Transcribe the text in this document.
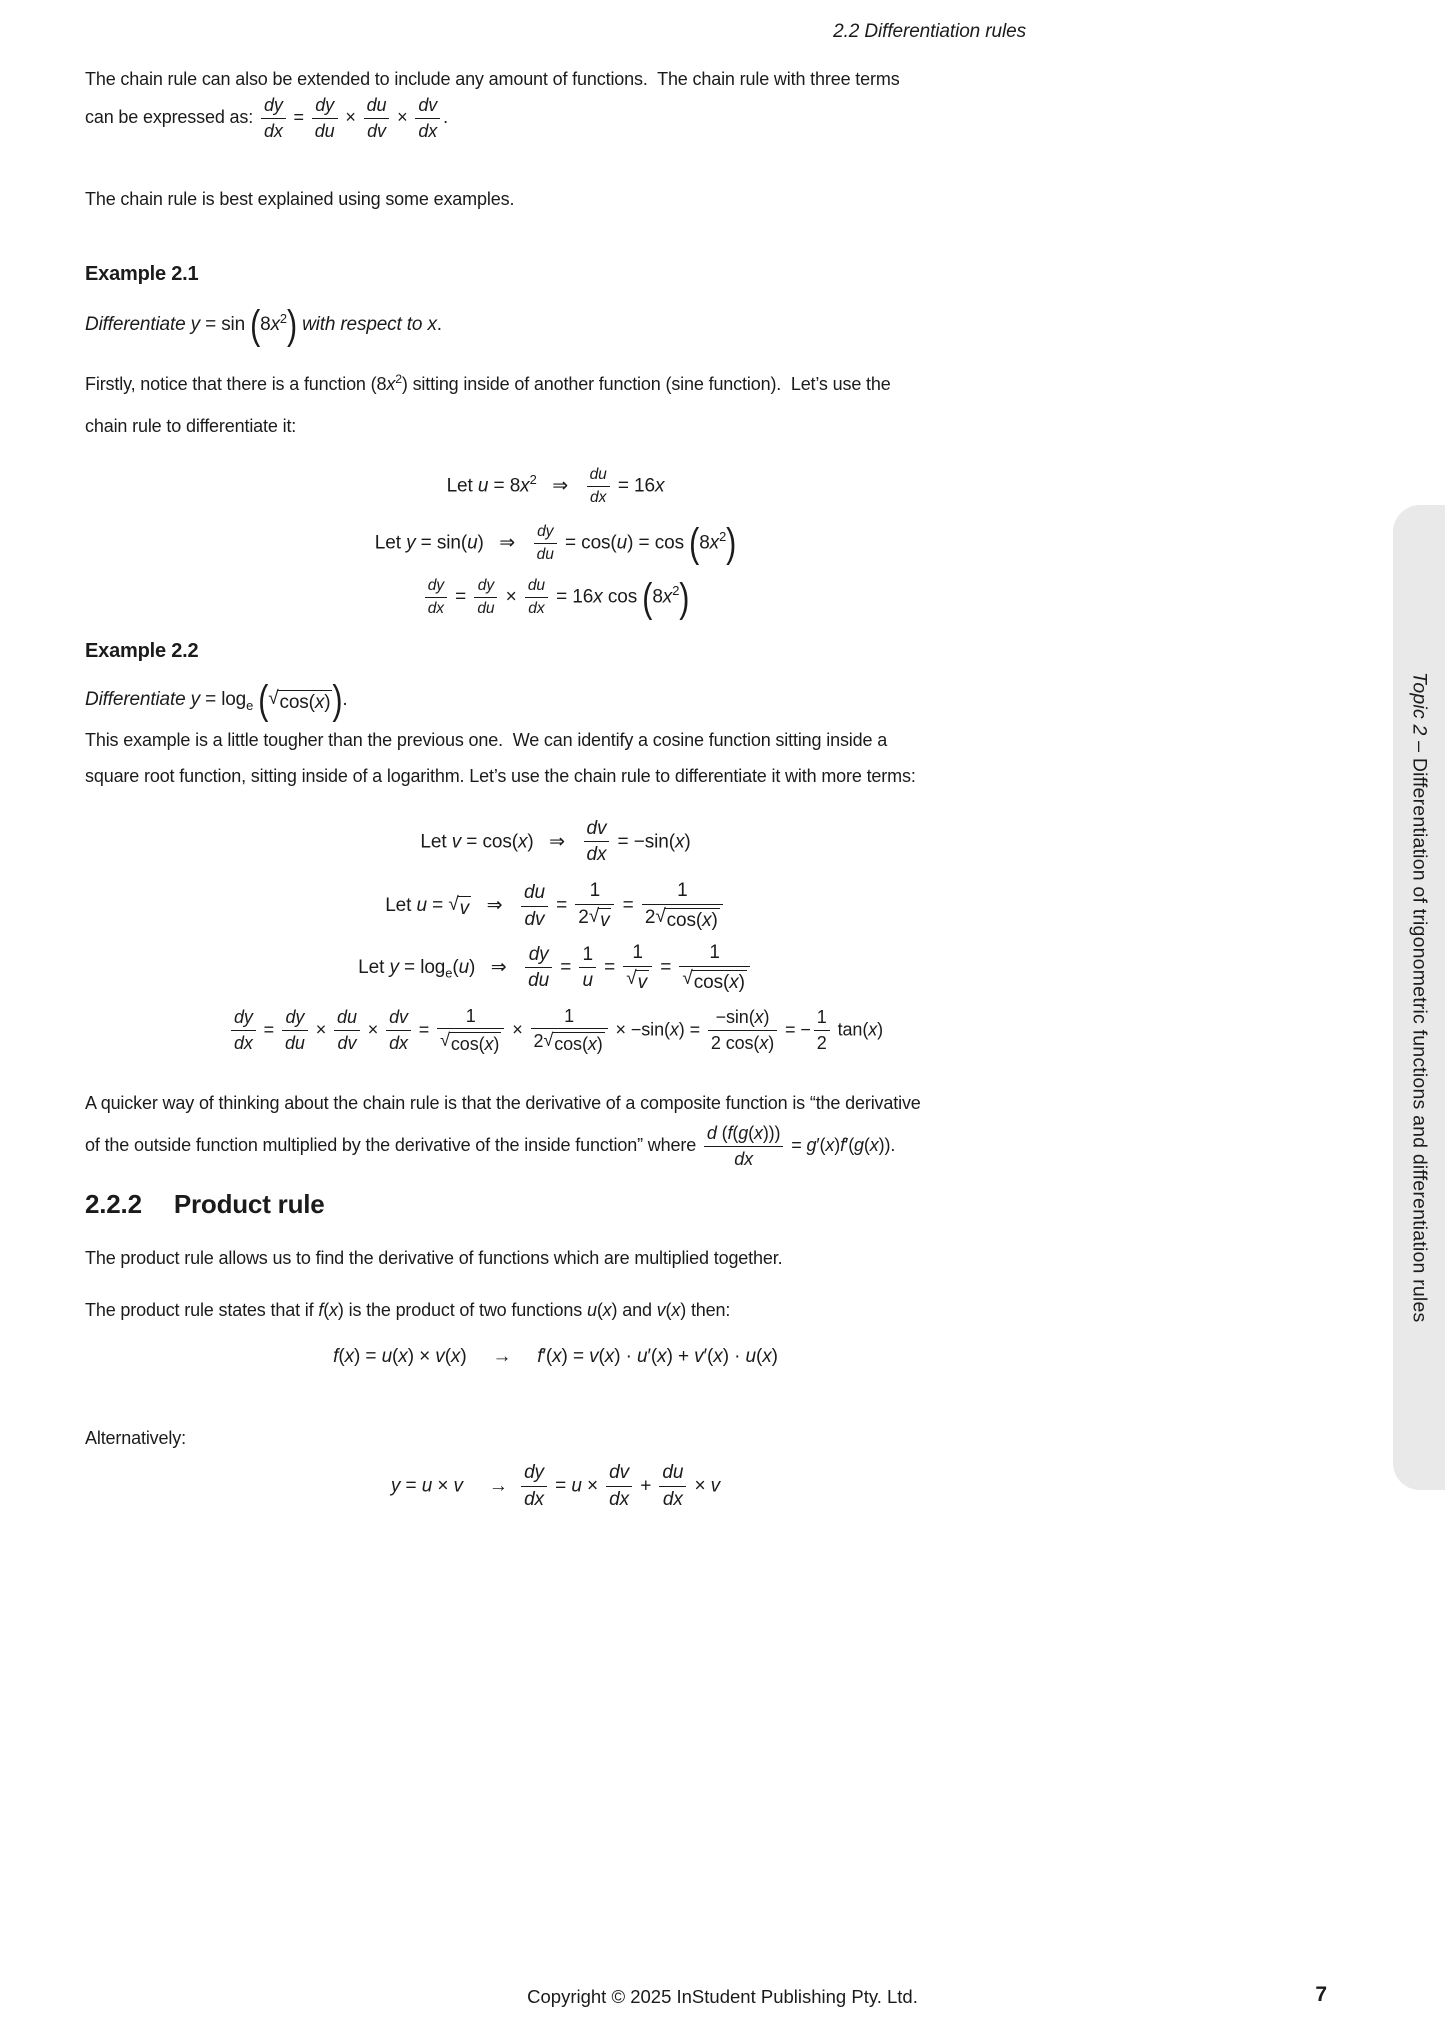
2.2 Differentiation rules
The chain rule can also be extended to include any amount of functions.  The chain rule with three terms
can be expressed as: $\frac{dy}{dx} = \frac{dy}{du} \times \frac{du}{dv} \times \frac{dv}{dx}$ .
The chain rule is best explained using some examples.
Example 2.1
Differentiate $y = \sin (8x^2)$ with respect to x.
Firstly, notice that there is a function $(8x^2)$ sitting inside of another function (sine function).  Let’s use the
chain rule to differentiate it:
Let $u = 8x^2$   ⇒ $\frac{du}{dx} = 16x$
Let y = sin(u)   ⇒ $\frac{dy}{du} = \cos(u) = \cos (8x^2)$
$\frac{dy}{dx} = \frac{dy}{du} \times \frac{du}{dx} = 16x$ $\cos (8x^2)$
Example 2.2
Differentiate $y = \log_e$ ( √ cos(x) ).
This example is a little tougher than the previous one.  We can identify a cosine function sitting inside a
square root function, sitting inside of a logarithm. Let’s use the chain rule to differentiate it with more terms:
Let v = cos(x)   ⇒ $\frac{dv}{dx} = -\sin(x)$
Let u = √ v ⇒ $\frac{du}{dv} = \frac{1}{2 √ v} = \frac{1}{2 √ \cos(x)}$
Let $y = \log_e(u)$   ⇒ $\frac{dy}{du} = \frac{1}{u} = \frac{1}{√ v} = \frac{1}{√ \cos(x)}$
$\frac{dy}{dx} = \frac{dy}{du} \times \frac{du}{dv} \times \frac{dv}{dx} = \frac{1}{√ \cos(x)} \times \frac{1}{2 √ \cos(x)} \times -\sin(x) = \frac{-\sin(x)}{2 \cos(x)}$ = − $\frac{1}{2} \tan(x)$
A quicker way of thinking about the chain rule is that the derivative of a composite function is “the derivative
of the outside function multiplied by the derivative of the inside function” where $\frac{d (f(g(x)))}{dx} = g'(x)f'(g(x))$.
2.2.2 Product rule
The product rule allows us to find the derivative of functions which are multiplied together.
The product rule states that if f(x) is the product of two functions u(x) and v(x) then:
f(x) = u(x) × v(x)     →     f′(x) = v(x) · u′(x) + v′(x) · u(x)
Alternatively:
y = u × v     → $\frac{dy}{dx} = u \times \frac{dv}{dx} + \frac{du}{dx} \times v$
Topic 2 – Differentiation of trigonometric functions and differentiation rules
Copyright © 2025 InStudent Publishing Pty. Ltd.	7
